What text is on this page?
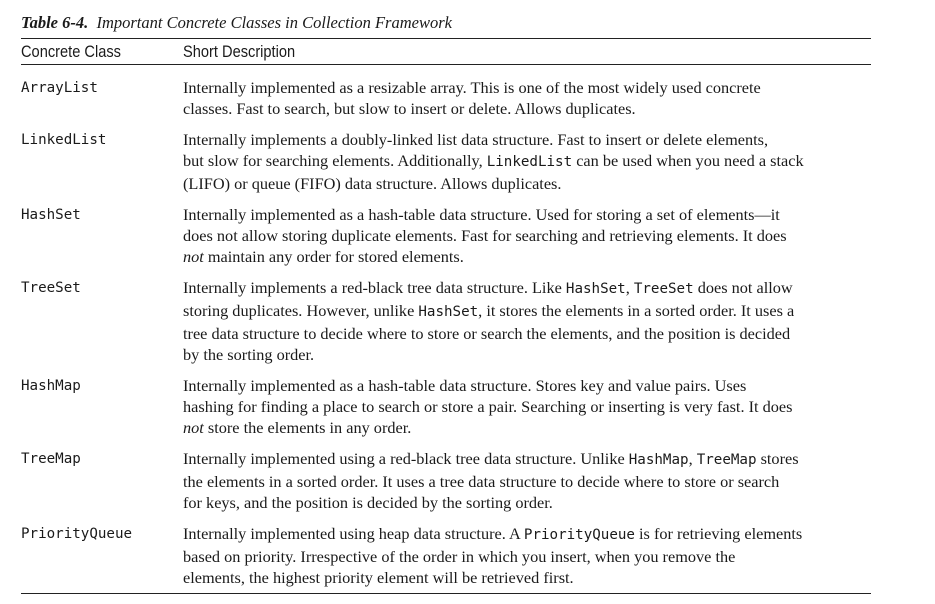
Table 6-4. Important Concrete Classes in Collection Framework

Concrete Class	Short Description
ArrayList	Internally implemented as a resizable array. This is one of the most widely used concrete
classes. Fast to search, but slow to insert or delete. Allows duplicates.
LinkedList	Internally implements a doubly-linked list data structure. Fast to insert or delete elements,
but slow for searching elements. Additionally, LinkedList can be used when you need a stack
(LIFO) or queue (FIFO) data structure. Allows duplicates.
HashSet	Internally implemented as a hash-table data structure. Used for storing a set of elements—it
does not allow storing duplicate elements. Fast for searching and retrieving elements. It does
not maintain any order for stored elements.
TreeSet	Internally implements a red-black tree data structure. Like HashSet, TreeSet does not allow
storing duplicates. However, unlike HashSet, it stores the elements in a sorted order. It uses a
tree data structure to decide where to store or search the elements, and the position is decided
by the sorting order.
HashMap	Internally implemented as a hash-table data structure. Stores key and value pairs. Uses
hashing for finding a place to search or store a pair. Searching or inserting is very fast. It does
not store the elements in any order.
TreeMap	Internally implemented using a red-black tree data structure. Unlike HashMap, TreeMap stores
the elements in a sorted order. It uses a tree data structure to decide where to store or search
for keys, and the position is decided by the sorting order.
PriorityQueue	Internally implemented using heap data structure. A PriorityQueue is for retrieving elements
based on priority. Irrespective of the order in which you insert, when you remove the
elements, the highest priority element will be retrieved first.
